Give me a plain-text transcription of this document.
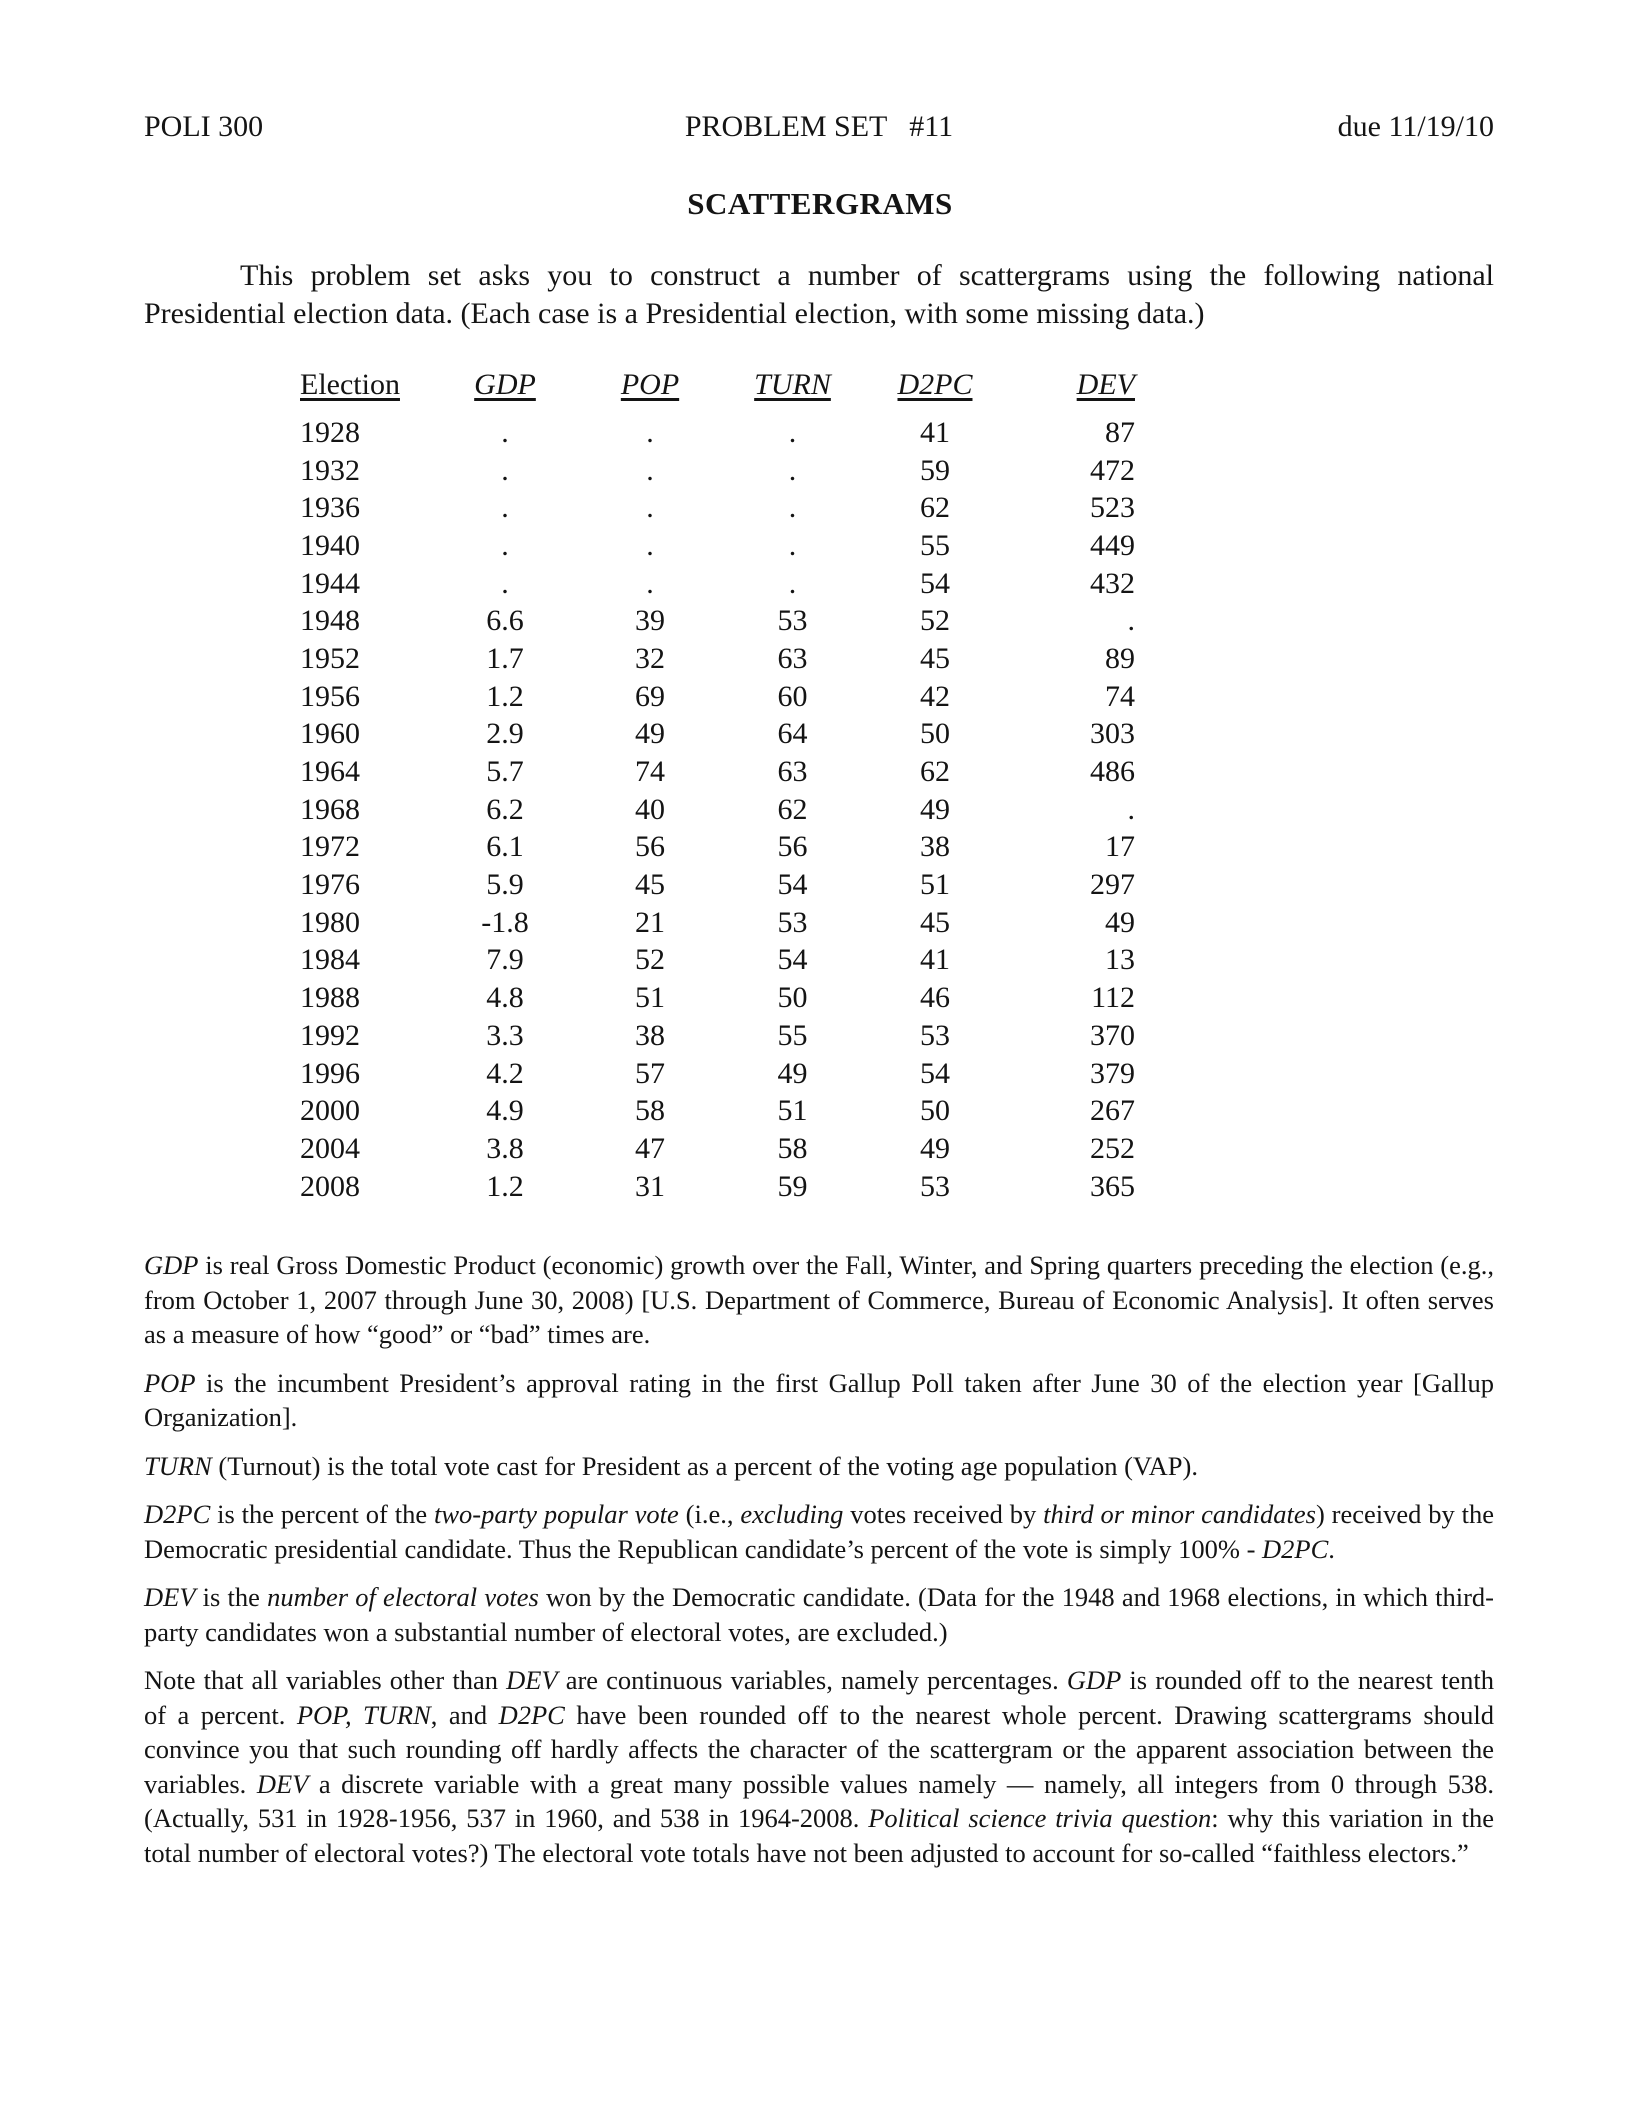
POLI 300	PROBLEM SET   #11	due 11/19/10
SCATTERGRAMS

This problem set asks you to construct a number of scattergrams using the following national Presidential election data. (Each case is a Presidential election, with some missing data.)

Election	GDP	POP	TURN	D2PC	DEV
1928	.	.	.	41	87
1932	.	.	.	59	472
1936	.	.	.	62	523
1940	.	.	.	55	449
1944	.	.	.	54	432
1948	6.6	39	53	52	.
1952	1.7	32	63	45	89
1956	1.2	69	60	42	74
1960	2.9	49	64	50	303
1964	5.7	74	63	62	486
1968	6.2	40	62	49	.
1972	6.1	56	56	38	17
1976	5.9	45	54	51	297
1980	-1.8	21	53	45	49
1984	7.9	52	54	41	13
1988	4.8	51	50	46	112
1992	3.3	38	55	53	370
1996	4.2	57	49	54	379
2000	4.9	58	51	50	267
2004	3.8	47	58	49	252
2008	1.2	31	59	53	365

GDP is real Gross Domestic Product (economic) growth over the Fall, Winter, and Spring quarters preceding the election (e.g., from October 1, 2007 through June 30, 2008) [U.S. Department of Commerce, Bureau of Economic Analysis]. It often serves as a measure of how “good” or “bad” times are.

POP is the incumbent President’s approval rating in the first Gallup Poll taken after June 30 of the election year [Gallup Organization].

TURN (Turnout) is the total vote cast for President as a percent of the voting age population (VAP).

D2PC is the percent of the two-party popular vote (i.e., excluding votes received by third or minor candidates) received by the Democratic presidential candidate. Thus the Republican candidate’s percent of the vote is simply 100% - D2PC.

DEV is the number of electoral votes won by the Democratic candidate. (Data for the 1948 and 1968 elections, in which third-party candidates won a substantial number of electoral votes, are excluded.)

Note that all variables other than DEV are continuous variables, namely percentages. GDP is rounded off to the nearest tenth of a percent. POP, TURN, and D2PC have been rounded off to the nearest whole percent. Drawing scattergrams should convince you that such rounding off hardly affects the character of the scattergram or the apparent association between the variables. DEV a discrete variable with a great many possible values namely — namely, all integers from 0 through 538. (Actually, 531 in 1928-1956, 537 in 1960, and 538 in 1964-2008. Political science trivia question: why this variation in the total number of electoral votes?) The electoral vote totals have not been adjusted to account for so-called “faithless electors.”
